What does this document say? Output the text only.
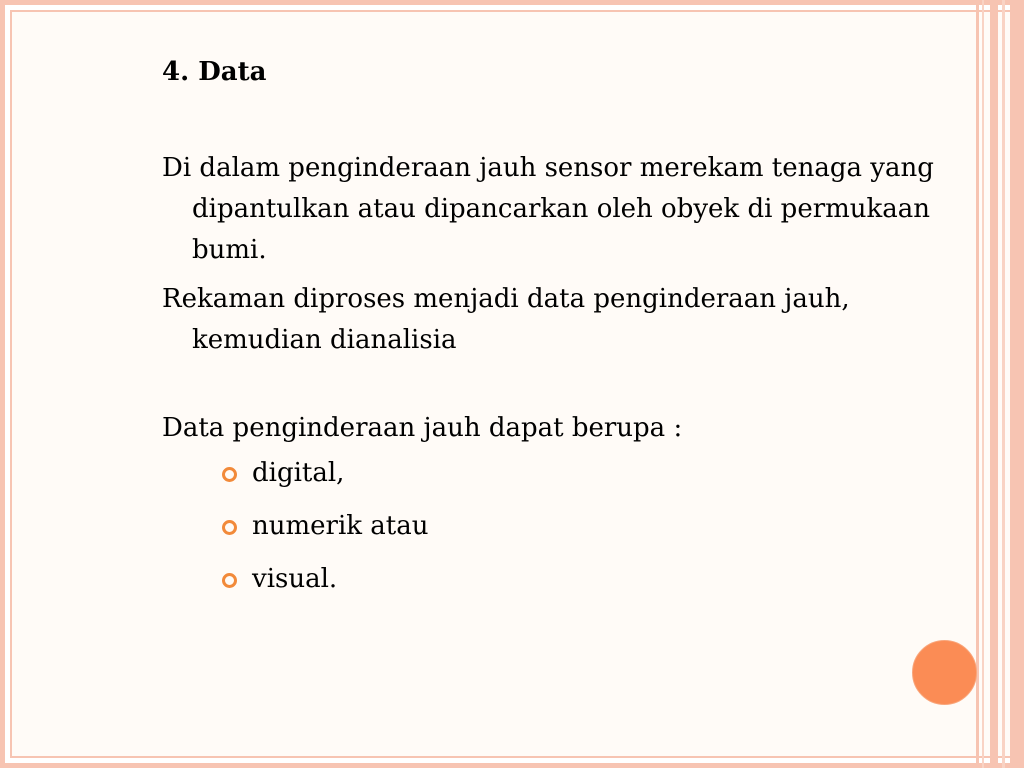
4. Data

Di dalam penginderaan jauh sensor merekam tenaga yang dipantulkan atau dipancarkan oleh obyek di permukaan bumi.

Rekaman diproses menjadi data penginderaan jauh, kemudian dianalisia

Data penginderaan jauh dapat berupa :

digital,
numerik atau
visual.
